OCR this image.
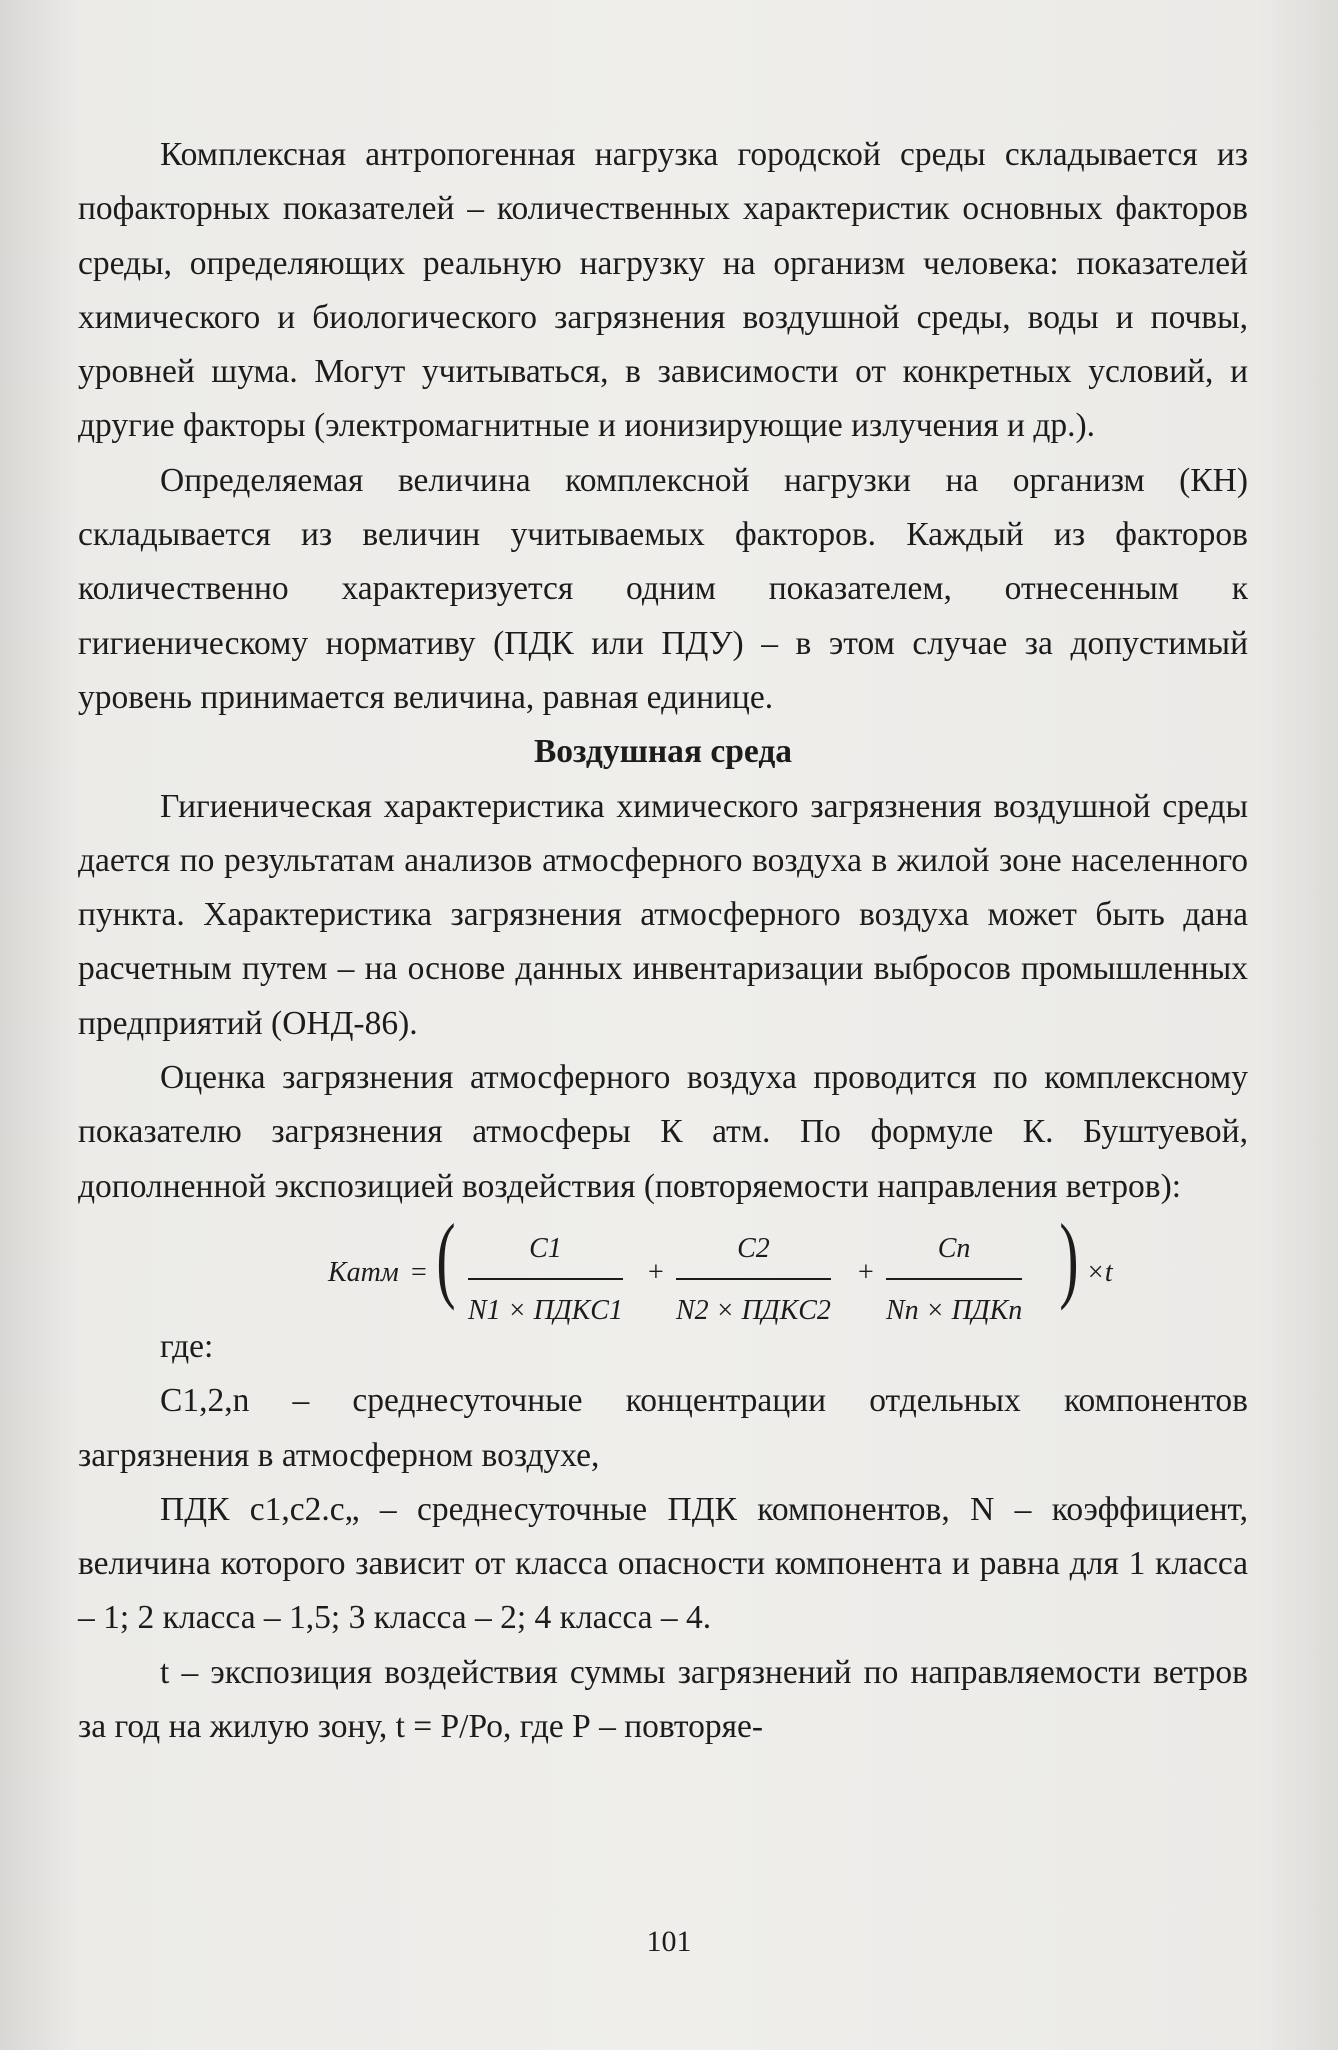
Комплексная антропогенная нагрузка городской среды складывается из пофакторных показателей – количественных характеристик основных факторов среды, определяющих реальную нагрузку на организм человека: показателей химического и биологического загрязнения воздушной среды, воды и почвы, уровней шума. Могут учитываться, в зависимости от конкретных условий, и другие факторы (электромагнитные и ионизирующие излучения и др.).

Определяемая величина комплексной нагрузки на организм (КН) складывается из величин учитываемых факторов. Каждый из факторов количественно характеризуется одним показателем, отнесенным к гигиеническому нормативу (ПДК или ПДУ) – в этом случае за допустимый уровень принимается величина, равная единице.

Воздушная среда

Гигиеническая характеристика химического загрязнения воздушной среды дается по результатам анализов атмосферного воздуха в жилой зоне населенного пункта. Характеристика загрязнения атмосферного воздуха может быть дана расчетным путем – на основе данных инвентаризации выбросов промышленных предприятий (ОНД-86).

Оценка загрязнения атмосферного воздуха проводится по комплексному показателю загрязнения атмосферы К атм. По формуле К. Буштуевой, дополненной экспозицией воздействия (повторяемости направления ветров):

Kатм = (	C1
N1 × ПДКC1
+
C2
N2 × ПДКC2
+
Cn
Nn × ПДКn ) ×t

где:

С1,2,n – среднесуточные концентрации отдельных компонентов загрязнения в атмосферном воздухе,

ПДК с1,с2.с„ – среднесуточные ПДК компонентов, N – коэффициент, величина которого зависит от класса опасности компонента и равна для 1 класса – 1; 2 класса – 1,5; 3 класса – 2; 4 класса – 4.

t – экспозиция воздействия суммы загрязнений по направляемости ветров за год на жилую зону, t = Р/Ро, где Р – повторяе-

101
